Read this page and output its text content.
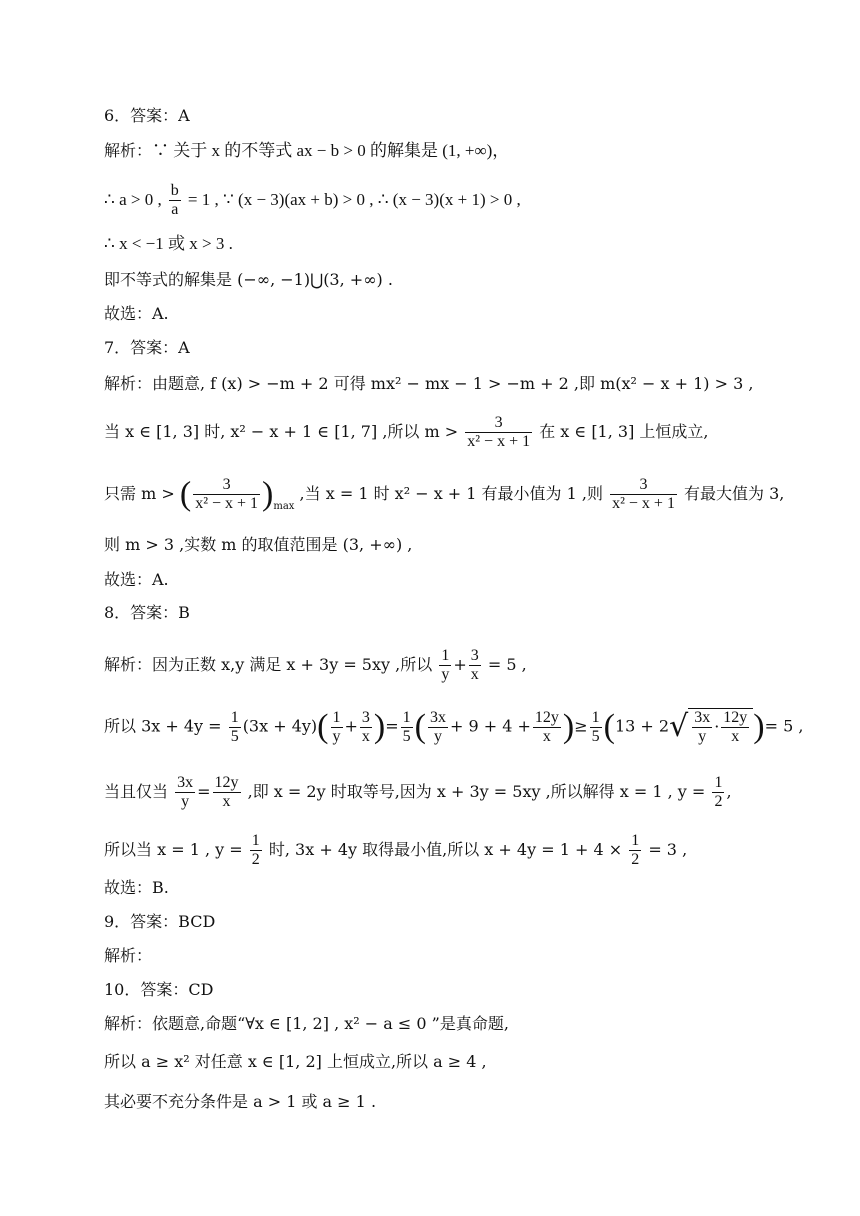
6．答案：A
解析：∵ 关于 x 的不等式 ax − b > 0 的解集是 (1, +∞)，
∴ a > 0 , $\frac{b}{a} = 1$ , ∵ (x − 3)(ax + b) > 0 , ∴ (x − 3)(x + 1) > 0 ,
∴ x < −1 或 x > 3 .
即不等式的解集是 (−∞, −1)⋃(3, +∞) .
故选：A.
7．答案：A
解析：由题意, f (x) > −m + 2 可得 mx² − mx − 1 > −m + 2 ,即 m(x² − x + 1) > 3 ,
当 x ∈ [1, 3] 时, x² − x + 1 ∈ [1, 7] ,所以 $m > \frac{3}{\text{x² − x + 1}}$ 在 x ∈ [1, 3] 上恒成立,
只需 m > ( $\frac{3}{\text{x² − x + 1}} )_{max}$ ,当 x = 1 时 x² − x + 1 有最小值为 1 ,则 $\frac{3}{\text{x² − x + 1}}$ 有最大值为 3,
则 m > 3 ,实数 m 的取值范围是 (3, +∞) ,
故选：A.
8．答案：B
解析：因为正数 x,y 满足 x + 3y = 5xy ,所以 $\frac{1}{y} + \frac{3}{x} = 5$ ,
所以 $3x + 4y = \frac{1}{5} (3x + 4y)( \frac{1}{y} + \frac{3}{x}$ )= $\frac{1}{5}$ ( $\frac{3x}{y} + 9 + 4 + \frac{12y}{x}$ )≥ $\frac{1}{5} (13 + 2√ \frac{3x}{y} \cdot \frac{12y}{x}$ )= 5 ,
当且仅当 $\frac{3x}{y} = \frac{12y}{x}$ ,即 x = 2y 时取等号,因为 x + 3y = 5xy ,所以解得 x = 1 , $y = \frac{1}{2}$ ,
所以当 x = 1 , $y = \frac{1}{2}$ 时, 3x + 4y 取得最小值,所以 $x + 4y = 1 + 4 \times \frac{1}{2} = 3$ ,
故选：B.
9．答案：BCD
解析：
10．答案：CD
解析：依题意,命题“∀x ∈ [1, 2] , x² − a ≤ 0 ”是真命题,
所以 a ≥ x² 对任意 x ∈ [1, 2] 上恒成立,所以 a ≥ 4 ,
其必要不充分条件是 a > 1 或 a ≥ 1 .
